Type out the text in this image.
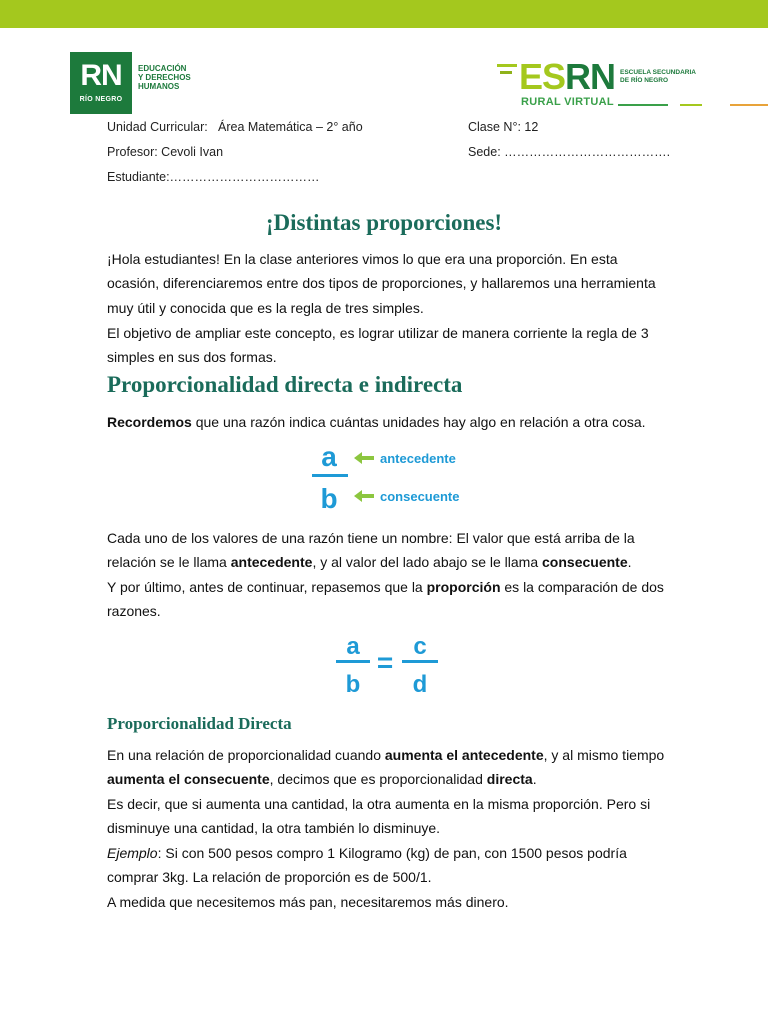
RN
RÍO NEGRO
EDUCACIÓN
Y DERECHOS
HUMANOS	ESRN
RURAL VIRTUAL
ESCUELA SECUNDARIA
DE RÍO NEGRO
Unidad Curricular: Área Matemática – 2° año	Clase N°: 12
Profesor: Cevoli Ivan	Sede: ………………………………….
Estudiante:………………………………
¡Distintas proporciones!
¡Hola estudiantes! En la clase anteriores vimos lo que era una proporción. En esta ocasión, diferenciaremos entre dos tipos de proporciones, y hallaremos una herramienta muy útil y conocida que es la regla de tres simples.
El objetivo de ampliar este concepto, es lograr utilizar de manera corriente la regla de 3 simples en sus dos formas.
Proporcionalidad directa e indirecta
Recordemos que una razón indica cuántas unidades hay algo en relación a otra cosa.
a
b
antecedente
consecuente
Cada uno de los valores de una razón tiene un nombre: El valor que está arriba de la relación se le llama antecedente, y al valor del lado abajo se le llama consecuente.
Y por último, antes de continuar, repasemos que la proporción es la comparación de dos razones.
a
b
=
c
d
Proporcionalidad Directa
En una relación de proporcionalidad cuando aumenta el antecedente, y al mismo tiempo aumenta el consecuente, decimos que es proporcionalidad directa.
Es decir, que si aumenta una cantidad, la otra aumenta en la misma proporción. Pero si disminuye una cantidad, la otra también lo disminuye.
Ejemplo: Si con 500 pesos compro 1 Kilogramo (kg) de pan, con 1500 pesos podría comprar 3kg. La relación de proporción es de 500/1.
A medida que necesitemos más pan, necesitaremos más dinero.
